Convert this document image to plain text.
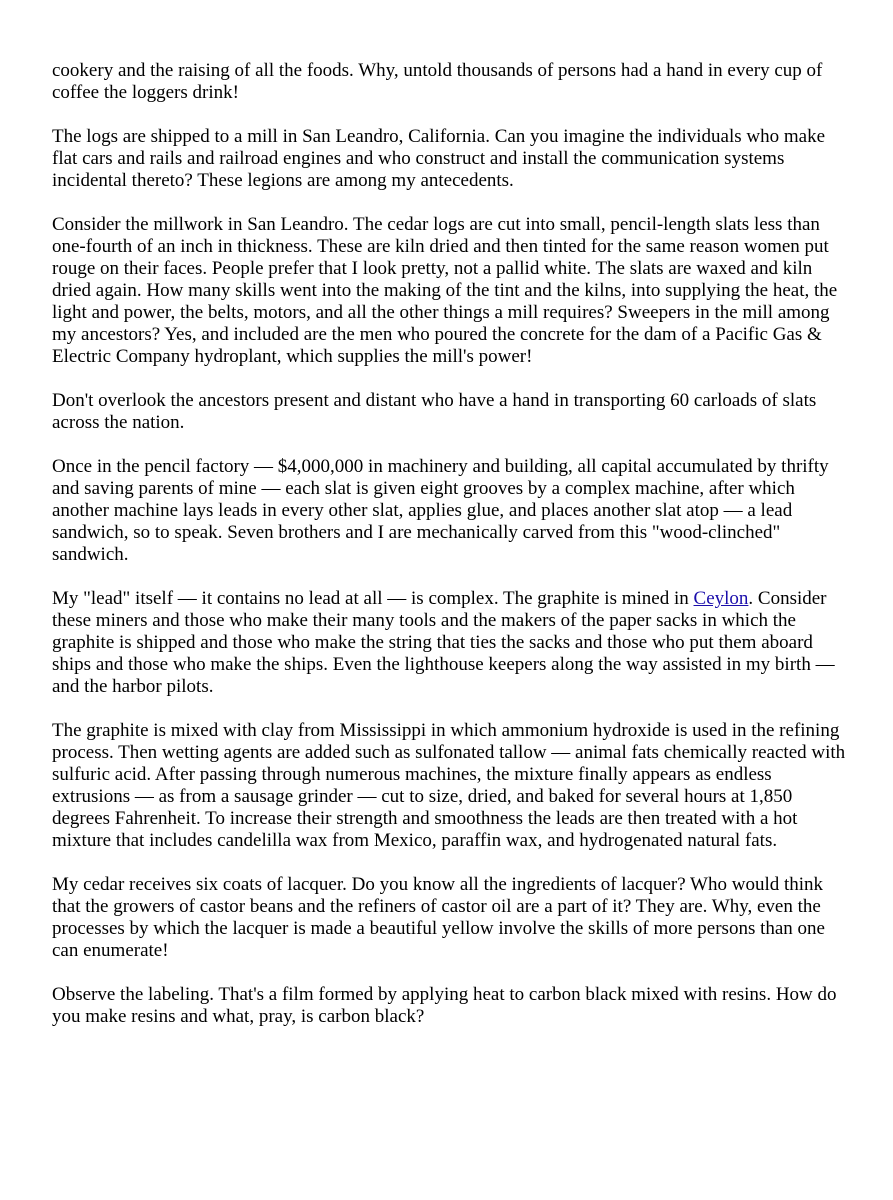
cookery and the raising of all the foods. Why, untold thousands of persons had a hand in every cup of coffee the loggers drink!

The logs are shipped to a mill in San Leandro, California. Can you imagine the individuals who make flat cars and rails and railroad engines and who construct and install the communication systems incidental thereto? These legions are among my antecedents.

Consider the millwork in San Leandro. The cedar logs are cut into small, pencil-length slats less than one-fourth of an inch in thickness. These are kiln dried and then tinted for the same reason women put rouge on their faces. People prefer that I look pretty, not a pallid white. The slats are waxed and kiln dried again. How many skills went into the making of the tint and the kilns, into supplying the heat, the light and power, the belts, motors, and all the other things a mill requires? Sweepers in the mill among my ancestors? Yes, and included are the men who poured the concrete for the dam of a Pacific Gas & Electric Company hydroplant, which supplies the mill's power!

Don't overlook the ancestors present and distant who have a hand in transporting 60 carloads of slats across the nation.

Once in the pencil factory — $4,000,000 in machinery and building, all capital accumulated by thrifty and saving parents of mine — each slat is given eight grooves by a complex machine, after which another machine lays leads in every other slat, applies glue, and places another slat atop — a lead sandwich, so to speak. Seven brothers and I are mechanically carved from this "wood-clinched" sandwich.

My "lead" itself — it contains no lead at all — is complex. The graphite is mined in Ceylon. Consider these miners and those who make their many tools and the makers of the paper sacks in which the graphite is shipped and those who make the string that ties the sacks and those who put them aboard ships and those who make the ships. Even the lighthouse keepers along the way assisted in my birth — and the harbor pilots.

The graphite is mixed with clay from Mississippi in which ammonium hydroxide is used in the refining process. Then wetting agents are added such as sulfonated tallow — animal fats chemically reacted with sulfuric acid. After passing through numerous machines, the mixture finally appears as endless extrusions — as from a sausage grinder — cut to size, dried, and baked for several hours at 1,850 degrees Fahrenheit. To increase their strength and smoothness the leads are then treated with a hot mixture that includes candelilla wax from Mexico, paraffin wax, and hydrogenated natural fats.

My cedar receives six coats of lacquer. Do you know all the ingredients of lacquer? Who would think that the growers of castor beans and the refiners of castor oil are a part of it? They are. Why, even the processes by which the lacquer is made a beautiful yellow involve the skills of more persons than one can enumerate!

Observe the labeling. That's a film formed by applying heat to carbon black mixed with resins. How do you make resins and what, pray, is carbon black?
